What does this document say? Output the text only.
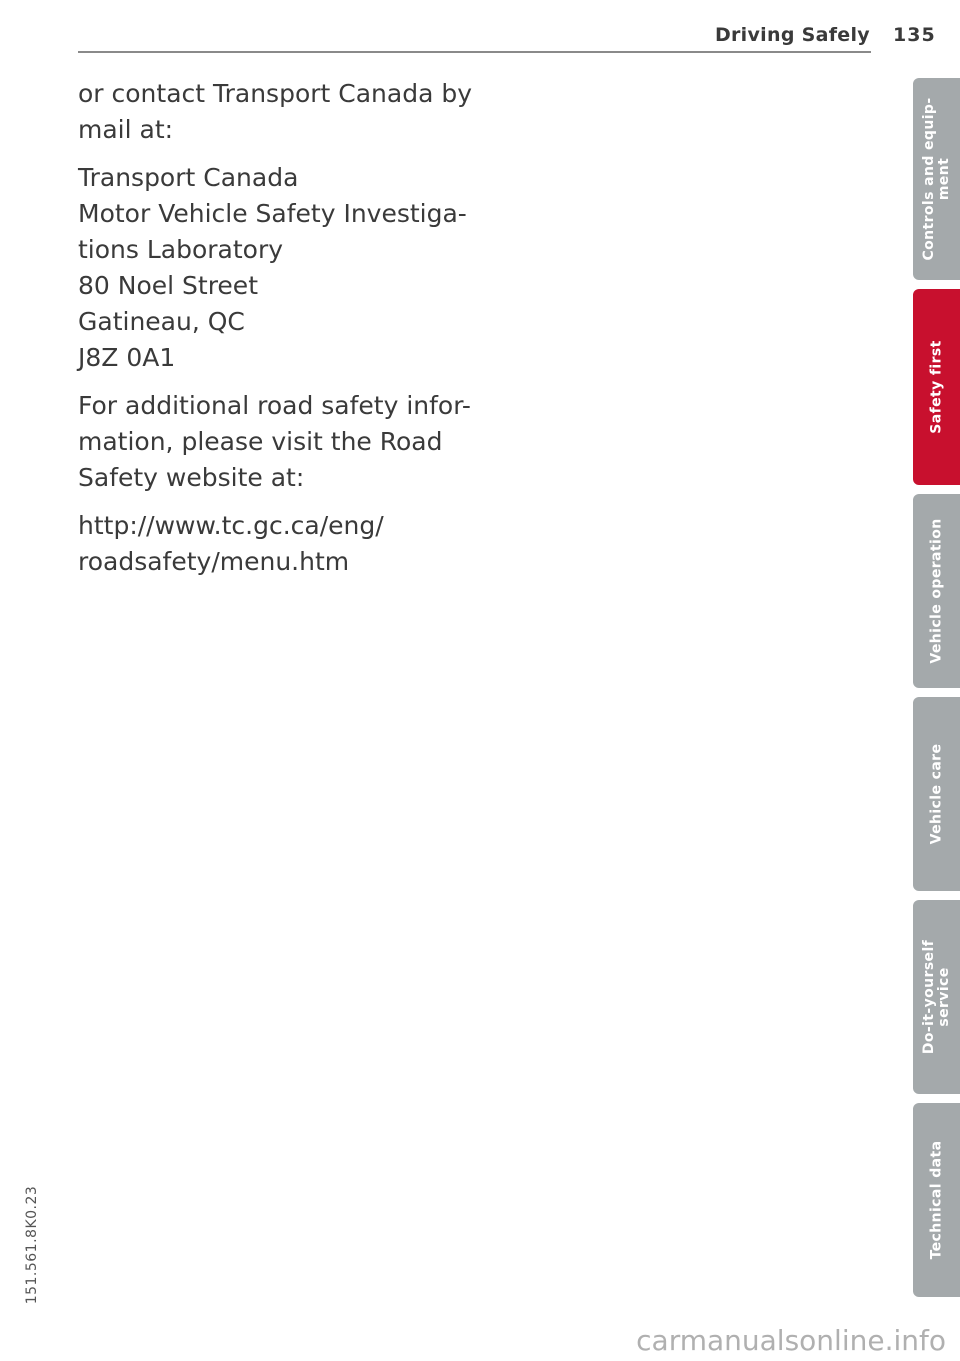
Driving Safely 135

or contact Transport Canada by
mail at:

Transport Canada
Motor Vehicle Safety Investiga-
tions Laboratory
80 Noel Street
Gatineau, QC
J8Z 0A1

For additional road safety infor-
mation, please visit the Road
Safety website at:

http://www.tc.gc.ca/eng/
roadsafety/menu.htm

Controls and equip- ment
Safety first
Vehicle operation
Vehicle care
Do-it-yourself service
Technical data
151.561.8K0.23
carmanualsonline.info
